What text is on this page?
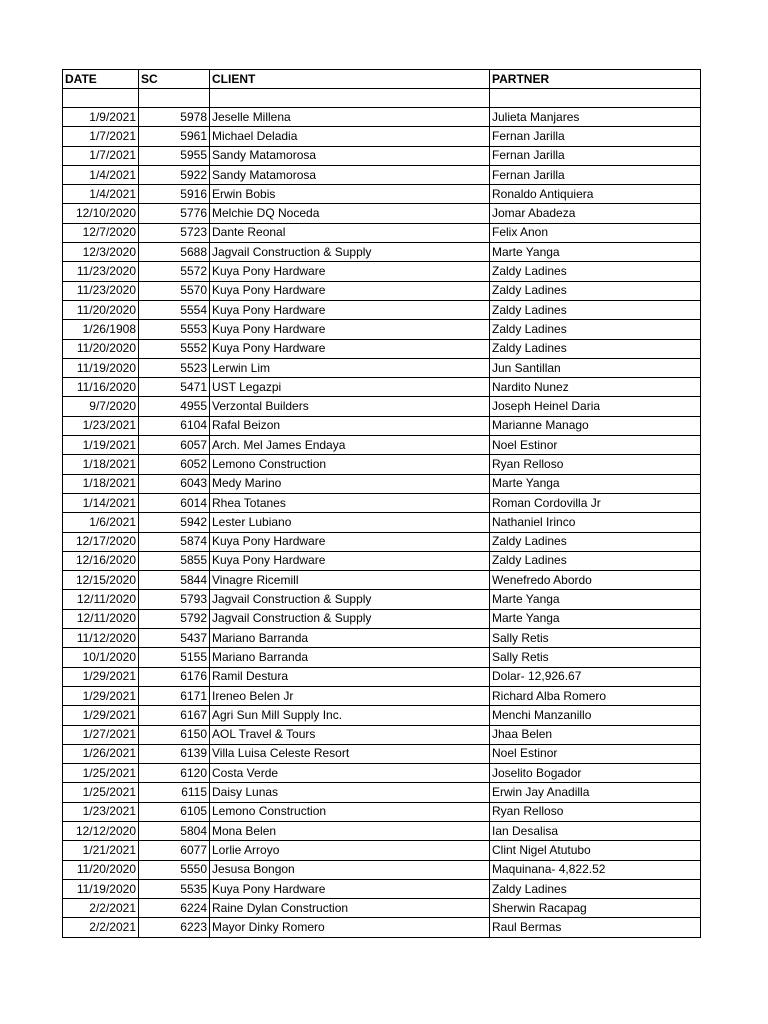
DATE	SC	CLIENT	PARTNER

1/9/2021	5978	Jeselle Millena	Julieta Manjares
1/7/2021	5961	Michael Deladia	Fernan Jarilla
1/7/2021	5955	Sandy Matamorosa	Fernan Jarilla
1/4/2021	5922	Sandy Matamorosa	Fernan Jarilla
1/4/2021	5916	Erwin Bobis	Ronaldo Antiquiera
12/10/2020	5776	Melchie DQ Noceda	Jomar Abadeza
12/7/2020	5723	Dante Reonal	Felix Anon
12/3/2020	5688	Jagvail Construction & Supply	Marte Yanga
11/23/2020	5572	Kuya Pony Hardware	Zaldy Ladines
11/23/2020	5570	Kuya Pony Hardware	Zaldy Ladines
11/20/2020	5554	Kuya Pony Hardware	Zaldy Ladines
1/26/1908	5553	Kuya Pony Hardware	Zaldy Ladines
11/20/2020	5552	Kuya Pony Hardware	Zaldy Ladines
11/19/2020	5523	Lerwin Lim	Jun Santillan
11/16/2020	5471	UST Legazpi	Nardito Nunez
9/7/2020	4955	Verzontal Builders	Joseph Heinel Daria
1/23/2021	6104	Rafal Beizon	Marianne Manago
1/19/2021	6057	Arch. Mel James Endaya	Noel Estinor
1/18/2021	6052	Lemono Construction	Ryan Relloso
1/18/2021	6043	Medy Marino	Marte Yanga
1/14/2021	6014	Rhea Totanes	Roman Cordovilla Jr
1/6/2021	5942	Lester Lubiano	Nathaniel Irinco
12/17/2020	5874	Kuya Pony Hardware	Zaldy Ladines
12/16/2020	5855	Kuya Pony Hardware	Zaldy Ladines
12/15/2020	5844	Vinagre Ricemill	Wenefredo Abordo
12/11/2020	5793	Jagvail Construction & Supply	Marte Yanga
12/11/2020	5792	Jagvail Construction & Supply	Marte Yanga
11/12/2020	5437	Mariano Barranda	Sally Retis
10/1/2020	5155	Mariano Barranda	Sally Retis
1/29/2021	6176	Ramil Destura	Dolar- 12,926.67
1/29/2021	6171	Ireneo Belen Jr	Richard Alba Romero
1/29/2021	6167	Agri Sun Mill Supply Inc.	Menchi Manzanillo
1/27/2021	6150	AOL Travel & Tours	Jhaa Belen
1/26/2021	6139	Villa Luisa Celeste Resort	Noel Estinor
1/25/2021	6120	Costa Verde	Joselito Bogador
1/25/2021	6115	Daisy Lunas	Erwin Jay Anadilla
1/23/2021	6105	Lemono Construction	Ryan Relloso
12/12/2020	5804	Mona Belen	Ian Desalisa
1/21/2021	6077	Lorlie Arroyo	Clint Nigel Atutubo
11/20/2020	5550	Jesusa Bongon	Maquinana- 4,822.52
11/19/2020	5535	Kuya Pony Hardware	Zaldy Ladines
2/2/2021	6224	Raine Dylan Construction	Sherwin Racapag
2/2/2021	6223	Mayor Dinky Romero	Raul Bermas
